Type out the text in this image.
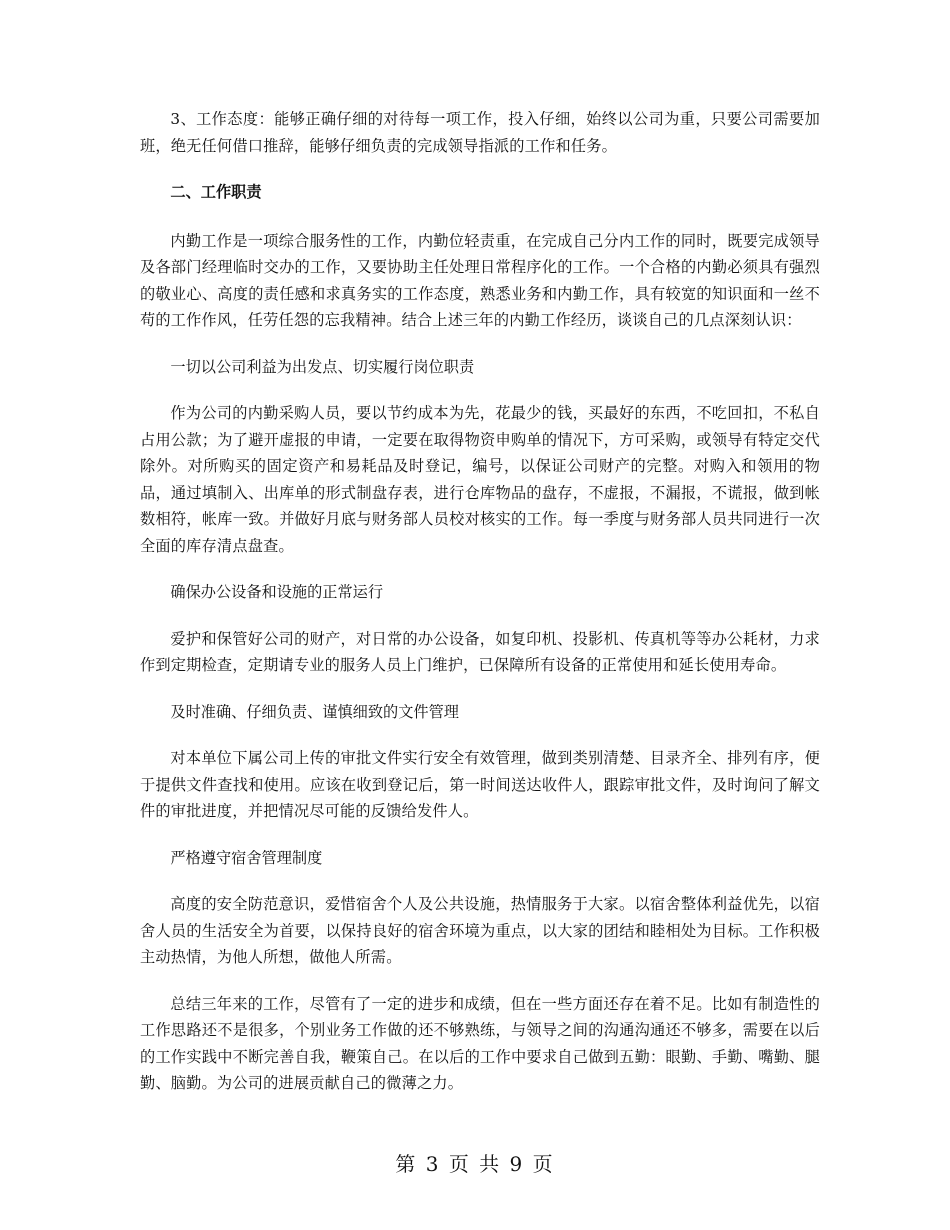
3、工作态度：能够正确仔细的对待每一项工作，投入仔细，始终以公司为重，只要公司需要加班，绝无任何借口推辞，能够仔细负责的完成领导指派的工作和任务。

二、工作职责

内勤工作是一项综合服务性的工作，内勤位轻责重，在完成自己分内工作的同时，既要完成领导及各部门经理临时交办的工作，又要协助主任处理日常程序化的工作。一个合格的内勤必须具有强烈的敬业心、高度的责任感和求真务实的工作态度，熟悉业务和内勤工作，具有较宽的知识面和一丝不苟的工作作风，任劳任怨的忘我精神。结合上述三年的内勤工作经历，谈谈自己的几点深刻认识：

一切以公司利益为出发点、切实履行岗位职责

作为公司的内勤采购人员，要以节约成本为先，花最少的钱，买最好的东西，不吃回扣，不私自占用公款；为了避开虚报的申请，一定要在取得物资申购单的情况下，方可采购，或领导有特定交代除外。对所购买的固定资产和易耗品及时登记，编号，以保证公司财产的完整。对购入和领用的物品，通过填制入、出库单的形式制盘存表，进行仓库物品的盘存，不虚报，不漏报，不谎报，做到帐数相符，帐库一致。并做好月底与财务部人员校对核实的工作。每一季度与财务部人员共同进行一次全面的库存清点盘查。

确保办公设备和设施的正常运行

爱护和保管好公司的财产，对日常的办公设备，如复印机、投影机、传真机等等办公耗材，力求作到定期检查，定期请专业的服务人员上门维护，已保障所有设备的正常使用和延长使用寿命。

及时准确、仔细负责、谨慎细致的文件管理

对本单位下属公司上传的审批文件实行安全有效管理，做到类别清楚、目录齐全、排列有序，便于提供文件查找和使用。应该在收到登记后，第一时间送达收件人，跟踪审批文件，及时询问了解文件的审批进度，并把情况尽可能的反馈给发件人。

严格遵守宿舍管理制度

高度的安全防范意识，爱惜宿舍个人及公共设施，热情服务于大家。以宿舍整体利益优先，以宿舍人员的生活安全为首要，以保持良好的宿舍环境为重点，以大家的团结和睦相处为目标。工作积极主动热情，为他人所想，做他人所需。

总结三年来的工作，尽管有了一定的进步和成绩，但在一些方面还存在着不足。比如有制造性的工作思路还不是很多，个别业务工作做的还不够熟练，与领导之间的沟通沟通还不够多，需要在以后的工作实践中不断完善自我，鞭策自己。在以后的工作中要求自己做到五勤：眼勤、手勤、嘴勤、腿勤、脑勤。为公司的进展贡献自己的微薄之力。

第 3 页 共 9 页
